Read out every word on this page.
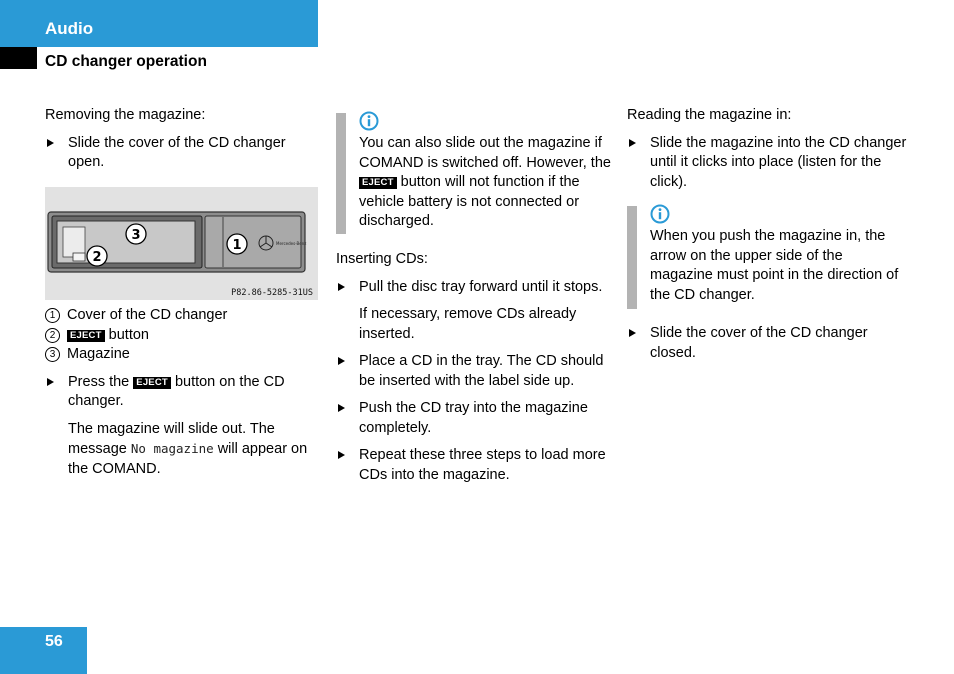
Audio
CD changer operation

Removing the magazine:

Slide the cover of the CD changer open.

Mercedes-Benz
3
2
1
P82.86-5285-31US

1 Cover of the CD changer

2 EJECT button

3 Magazine

Press the EJECT button on the CD changer.

The magazine will slide out. The message No magazine will appear on the COMAND.

You can also slide out the magazine if COMAND is switched off. However, the EJECT button will not function if the vehicle battery is not connected or discharged.

Inserting CDs:

Pull the disc tray forward until it stops.

If necessary, remove CDs already inserted.

Place a CD in the tray. The CD should be inserted with the label side up.

Push the CD tray into the magazine completely.

Repeat these three steps to load more CDs into the magazine.

Reading the magazine in:

Slide the magazine into the CD changer until it clicks into place (listen for the click).

When you push the magazine in, the arrow on the upper side of the magazine must point in the direction of the CD changer.

Slide the cover of the CD changer closed.

56
